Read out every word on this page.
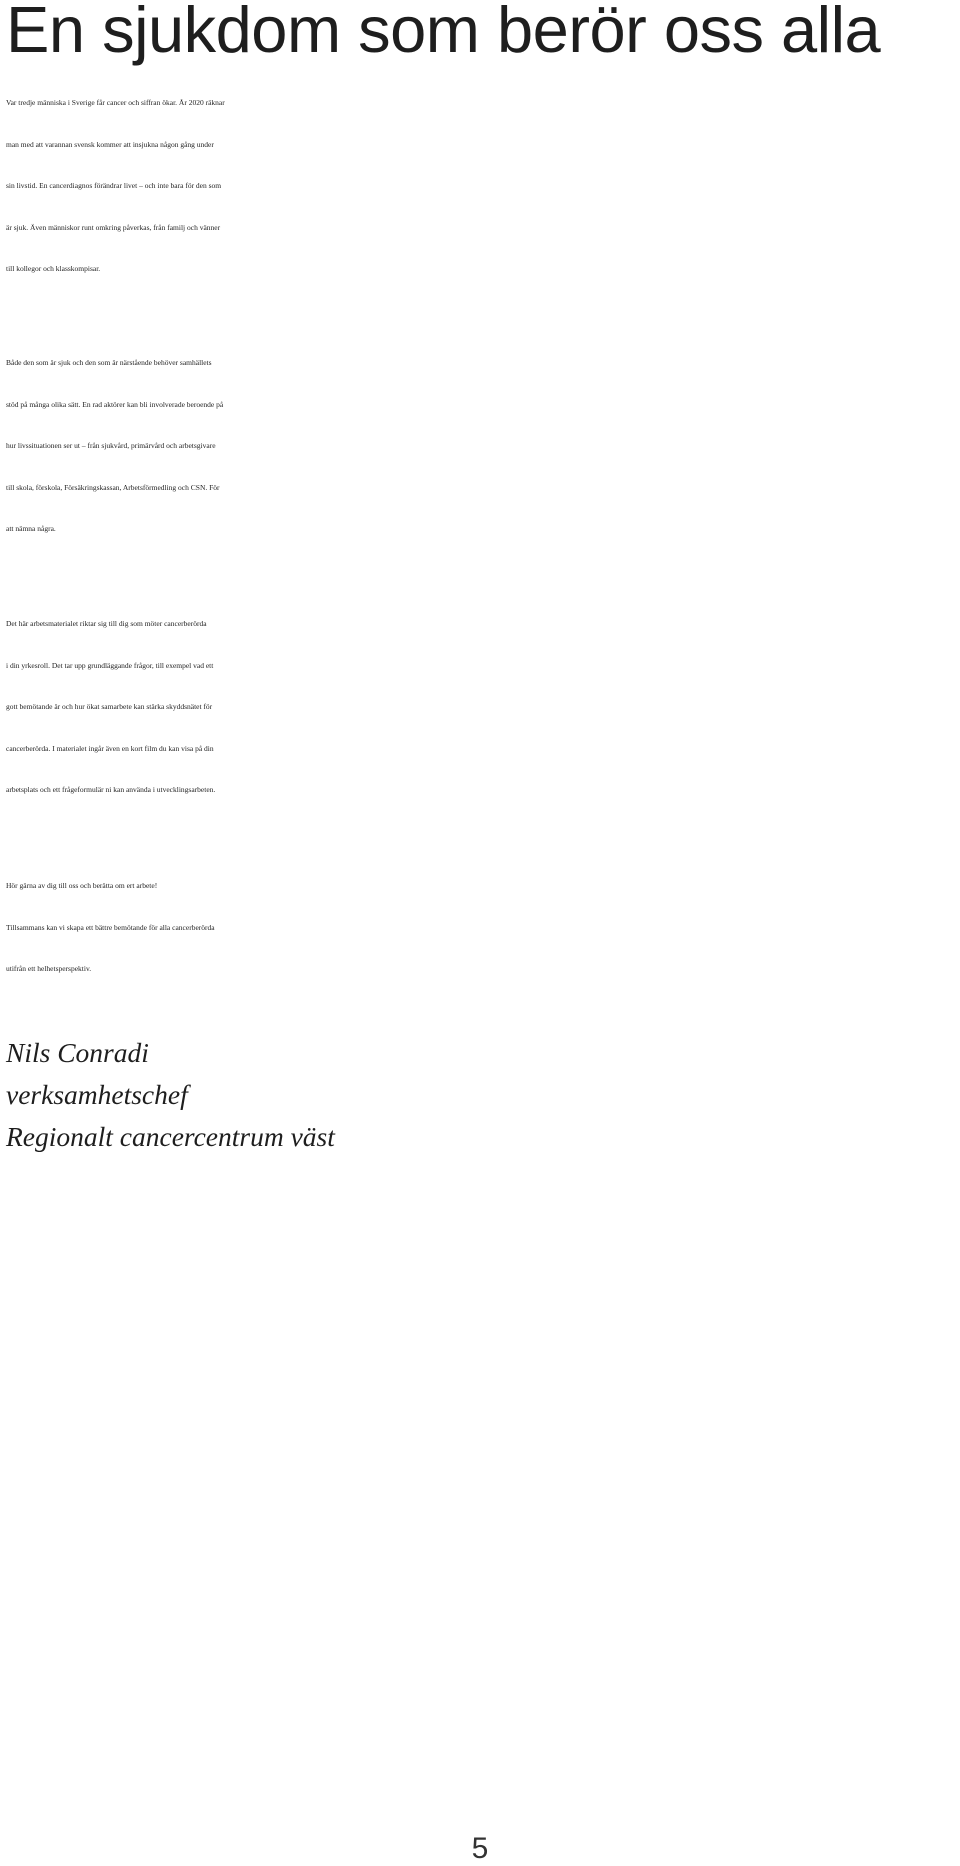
En sjukdom som berör oss alla

Var tredje människa i Sverige får cancer och siffran ökar. År 2020 räknar
man med att varannan svensk kommer att insjukna någon gång under
sin livstid. En cancerdiagnos förändrar livet – och inte bara för den som
är sjuk. Även människor runt omkring påverkas, från familj och vänner
till kollegor och klasskompisar.

Både den som är sjuk och den som är närstående behöver samhällets
stöd på många olika sätt. En rad aktörer kan bli involverade beroende på
hur livssituationen ser ut – från sjukvård, primärvård och arbetsgivare
till skola, förskola, Försäkringskassan, Arbetsförmedling och CSN. För
att nämna några.

Det här arbetsmaterialet riktar sig till dig som möter cancerberörda
i din yrkesroll. Det tar upp grundläggande frågor, till exempel vad ett
gott bemötande är och hur ökat samarbete kan stärka skyddsnätet för
cancerberörda. I materialet ingår även en kort film du kan visa på din
arbetsplats och ett frågeformulär ni kan använda i utvecklingsarbeten.

Hör gärna av dig till oss och berätta om ert arbete!
Tillsammans kan vi skapa ett bättre bemötande för alla cancerberörda
utifrån ett helhetsperspektiv.

Nils Conradi
verksamhetschef
Regionalt cancercentrum väst

5
